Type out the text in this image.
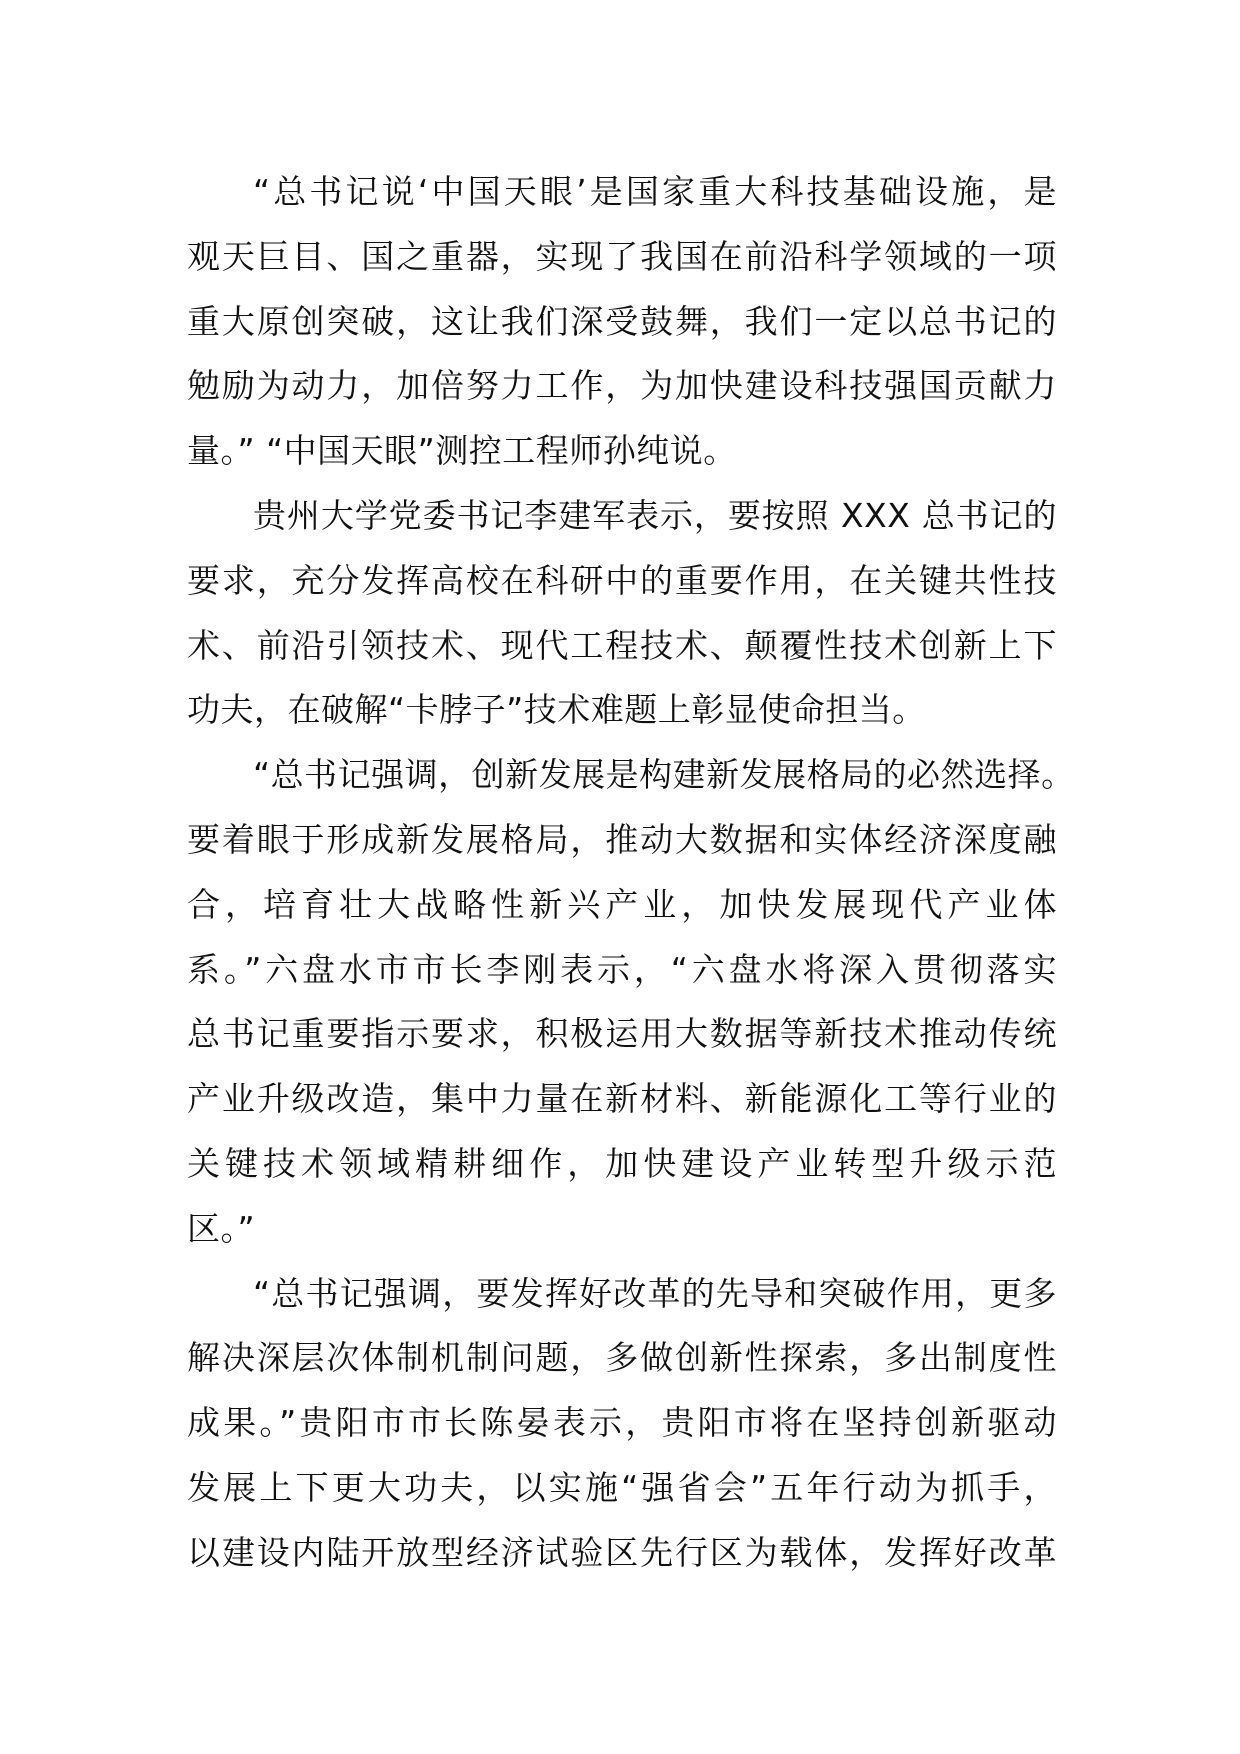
“总书记说‘中国天眼’是国家重大科技基础设施，是
观天巨目、国之重器，实现了我国在前沿科学领域的一项
重大原创突破，这让我们深受鼓舞，我们一定以总书记的
勉励为动力，加倍努力工作，为加快建设科技强国贡献力
量。” “中国天眼”测控工程师孙纯说。

贵州大学党委书记李建军表示，要按照 XXX 总书记的
要求，充分发挥高校在科研中的重要作用，在关键共性技
术、前沿引领技术、现代工程技术、颠覆性技术创新上下
功夫，在破解“卡脖子”技术难题上彰显使命担当。

“总书记强调，创新发展是构建新发展格局的必然选择。
要着眼于形成新发展格局，推动大数据和实体经济深度融
合，培育壮大战略性新兴产业，加快发展现代产业体
系。”六盘水市市长李刚表示，“六盘水将深入贯彻落实
总书记重要指示要求，积极运用大数据等新技术推动传统
产业升级改造，集中力量在新材料、新能源化工等行业的
关键技术领域精耕细作，加快建设产业转型升级示范
区。”

“总书记强调，要发挥好改革的先导和突破作用，更多
解决深层次体制机制问题，多做创新性探索，多出制度性
成果。”贵阳市市长陈晏表示，贵阳市将在坚持创新驱动
发展上下更大功夫，以实施“强省会”五年行动为抓手，
以建设内陆开放型经济试验区先行区为载体，发挥好改革
